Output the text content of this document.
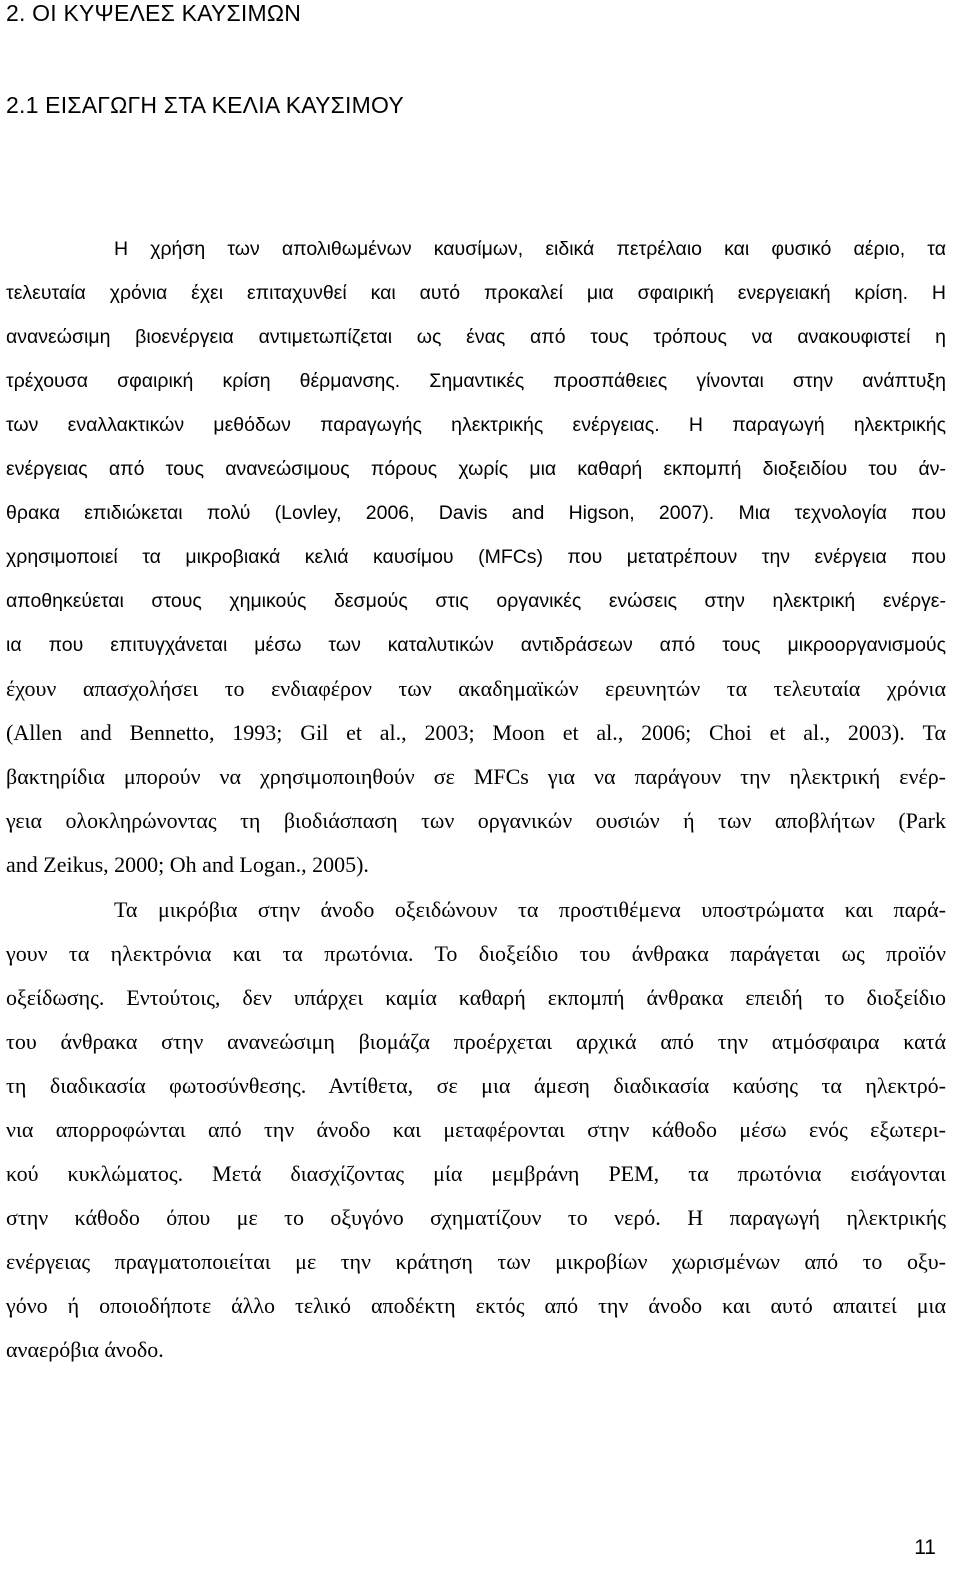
2. ΟΙ ΚΥΨΕΛΕΣ ΚΑΥΣΙΜΩΝ
2.1 ΕΙΣΑΓΩΓΗ ΣΤΑ ΚΕΛΙΑ ΚΑΥΣΙΜΟΥ
Η χρήση των απολιθωμένων καυσίμων, ειδικά πετρέλαιο και φυσικό αέριο, τα
τελευταία χρόνια έχει επιταχυνθεί και αυτό προκαλεί μια σφαιρική ενεργειακή κρίση. Η
ανανεώσιμη βιοενέργεια αντιμετωπίζεται ως ένας από τους τρόπους να ανακουφιστεί η
τρέχουσα σφαιρική κρίση θέρμανσης. Σημαντικές προσπάθειες γίνονται στην ανάπτυξη
των εναλλακτικών μεθόδων παραγωγής ηλεκτρικής ενέργειας. Η παραγωγή ηλεκτρικής
ενέργειας από τους ανανεώσιμους πόρους χωρίς μια καθαρή εκπομπή διοξειδίου του άν-
θρακα επιδιώκεται πολύ (Lovley, 2006, Davis and Higson, 2007). Μια τεχνολογία που
χρησιμοποιεί τα μικροβιακά κελιά καυσίμου (MFCs) που μετατρέπουν την ενέργεια που
αποθηκεύεται στους χημικούς δεσμούς στις οργανικές ενώσεις στην ηλεκτρική ενέργε-
ια που επιτυγχάνεται μέσω των καταλυτικών αντιδράσεων από τους μικροοργανισμούς
έχουν απασχολήσει το ενδιαφέρον των ακαδημαϊκών ερευνητών τα τελευταία χρόνια
(Allen and Bennetto, 1993; Gil et al., 2003; Moon et al., 2006; Choi et al., 2003). Τα
βακτηρίδια μπορούν να χρησιμοποιηθούν σε MFCs για να παράγουν την ηλεκτρική ενέρ-
γεια ολοκληρώνοντας τη βιοδιάσπαση των οργανικών ουσιών ή των αποβλήτων (Park
and Zeikus, 2000; Oh and Logan., 2005).
Τα μικρόβια στην άνοδο οξειδώνουν τα προστιθέμενα υποστρώματα και παρά-
γουν τα ηλεκτρόνια και τα πρωτόνια. Το διοξείδιο του άνθρακα παράγεται ως προϊόν
οξείδωσης. Εντούτοις, δεν υπάρχει καμία καθαρή εκπομπή άνθρακα επειδή το διοξείδιο
του άνθρακα στην ανανεώσιμη βιομάζα προέρχεται αρχικά από την ατμόσφαιρα κατά
τη διαδικασία φωτοσύνθεσης. Αντίθετα, σε μια άμεση διαδικασία καύσης τα ηλεκτρό-
νια απορροφώνται από την άνοδο και μεταφέρονται στην κάθοδο μέσω ενός εξωτερι-
κού κυκλώματος. Μετά διασχίζοντας μία μεμβράνη PEM, τα πρωτόνια εισάγονται
στην κάθοδο όπου με το οξυγόνο σχηματίζουν το νερό. Η παραγωγή ηλεκτρικής
ενέργειας πραγματοποιείται με την κράτηση των μικροβίων χωρισμένων από το οξυ-
γόνο ή οποιοδήποτε άλλο τελικό αποδέκτη εκτός από την άνοδο και αυτό απαιτεί μια
αναερόβια άνοδο.
11
